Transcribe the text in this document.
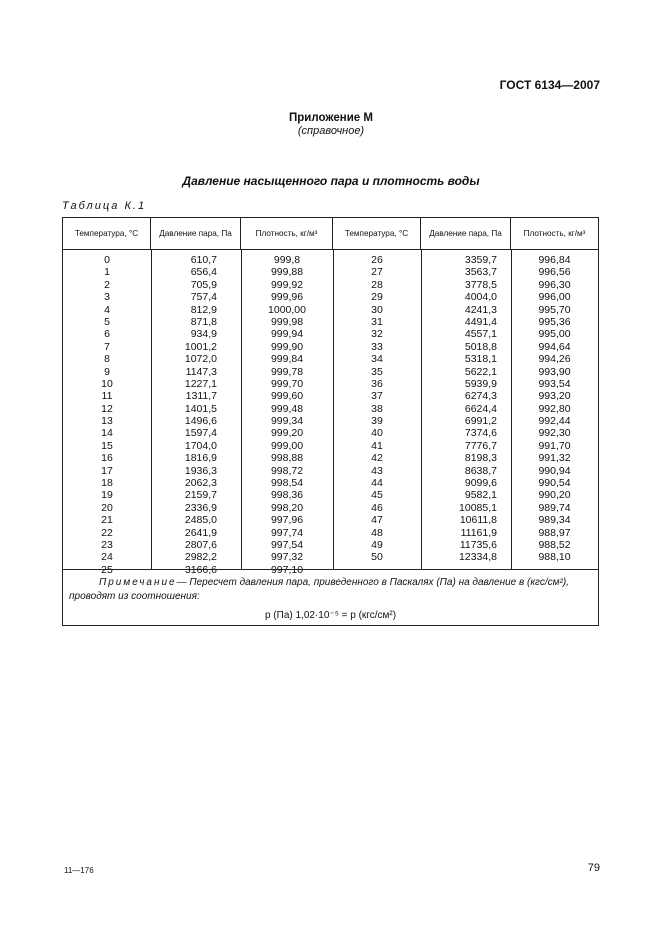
ГОСТ 6134—2007
Приложение М
(справочное)
Давление насыщенного пара и плотность воды
Таблица К.1
Температура, °С	Давление пара, Па	Плотность, кг/м³	Температура, °С	Давление пара, Па	Плотность, кг/м³
0	610,7	999,8	26	3359,7	996,84
1	656,4	999,88	27	3563,7	996,56
2	705,9	999,92	28	3778,5	996,30
3	757,4	999,96	29	4004,0	996,00
4	812,9	1000,00	30	4241,3	995,70
5	871,8	999,98	31	4491,4	995,36
6	934,9	999,94	32	4557,1	995,00
7	1001,2	999,90	33	5018,8	994,64
8	1072,0	999,84	34	5318,1	994,26
9	1147,3	999,78	35	5622,1	993,90
10	1227,1	999,70	36	5939,9	993,54
11	1311,7	999,60	37	6274,3	993,20
12	1401,5	999,48	38	6624,4	992,80
13	1496,6	999,34	39	6991,2	992,44
14	1597,4	999,20	40	7374,6	992,30
15	1704,0	999,00	41	7776,7	991,70
16	1816,9	998,88	42	8198,3	991,32
17	1936,3	998,72	43	8638,7	990,94
18	2062,3	998,54	44	9099,6	990,54
19	2159,7	998,36	45	9582,1	990,20
20	2336,9	998,20	46	10085,1	989,74
21	2485,0	997,96	47	10611,8	989,34
22	2641,9	997,74	48	11161,9	988,97
23	2807,6	997,54	49	11735,6	988,52
24	2982,2	997,32	50	12334,8	988,10
25	3166,6	997,10
Примечание— Пересчет давления пара, приведенного в Паскалях (Па) на давление в (кгс/см²), проводят из соотношения:
p (Па) 1,02·10⁻⁵ = p (кгс/см²)
11—176	79
